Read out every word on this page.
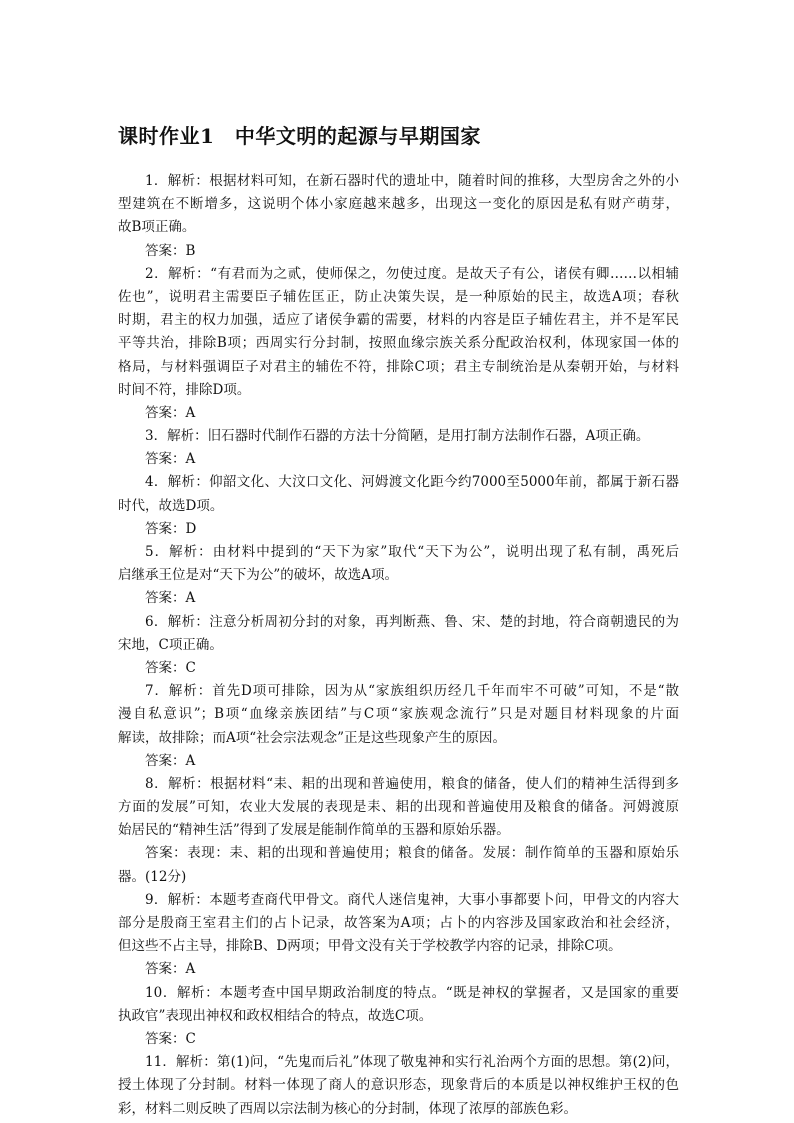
课时作业1　中华文明的起源与早期国家
1．解析：根据材料可知，在新石器时代的遗址中，随着时间的推移，大型房舍之外的小
型建筑在不断增多，这说明个体小家庭越来越多，出现这一变化的原因是私有财产萌芽，
故B项正确。
答案：B
2．解析：“有君而为之贰，使师保之，勿使过度。是故天子有公，诸侯有卿……以相辅
佐也”，说明君主需要臣子辅佐匡正，防止决策失误，是一种原始的民主，故选A项；春秋
时期，君主的权力加强，适应了诸侯争霸的需要，材料的内容是臣子辅佐君主，并不是军民
平等共治，排除B项；西周实行分封制，按照血缘宗族关系分配政治权利，体现家国一体的
格局，与材料强调臣子对君主的辅佐不符，排除C项；君主专制统治是从秦朝开始，与材料
时间不符，排除D项。
答案：A
3．解析：旧石器时代制作石器的方法十分简陋，是用打制方法制作石器，A项正确。
答案：A
4．解析：仰韶文化、大汶口文化、河姆渡文化距今约7000至5000年前，都属于新石器
时代，故选D项。
答案：D
5．解析：由材料中提到的“天下为家”取代“天下为公”，说明出现了私有制，禹死后
启继承王位是对“天下为公”的破坏，故选A项。
答案：A
6．解析：注意分析周初分封的对象，再判断燕、鲁、宋、楚的封地，符合商朝遗民的为
宋地，C项正确。
答案：C
7．解析：首先D项可排除，因为从“家族组织历经几千年而牢不可破”可知，不是“散
漫自私意识”；B项“血缘亲族团结”与C项“家族观念流行”只是对题目材料现象的片面
解读，故排除；而A项“社会宗法观念”正是这些现象产生的原因。
答案：A
8．解析：根据材料“耒、耜的出现和普遍使用，粮食的储备，使人们的精神生活得到多
方面的发展”可知，农业大发展的表现是耒、耜的出现和普遍使用及粮食的储备。河姆渡原
始居民的“精神生活”得到了发展是能制作简单的玉器和原始乐器。
答案：表现：耒、耜的出现和普遍使用；粮食的储备。发展：制作简单的玉器和原始乐
器。(12分)
9．解析：本题考查商代甲骨文。商代人迷信鬼神，大事小事都要卜问，甲骨文的内容大
部分是殷商王室君主们的占卜记录，故答案为A项；占卜的内容涉及国家政治和社会经济，
但这些不占主导，排除B、D两项；甲骨文没有关于学校教学内容的记录，排除C项。
答案：A
10．解析：本题考查中国早期政治制度的特点。“既是神权的掌握者，又是国家的重要
执政官”表现出神权和政权相结合的特点，故选C项。
答案：C
11．解析：第(1)问，“先鬼而后礼”体现了敬鬼神和实行礼治两个方面的思想。第(2)问，
授土体现了分封制。材料一体现了商人的意识形态，现象背后的本质是以神权维护王权的色
彩，材料二则反映了西周以宗法制为核心的分封制，体现了浓厚的部族色彩。
